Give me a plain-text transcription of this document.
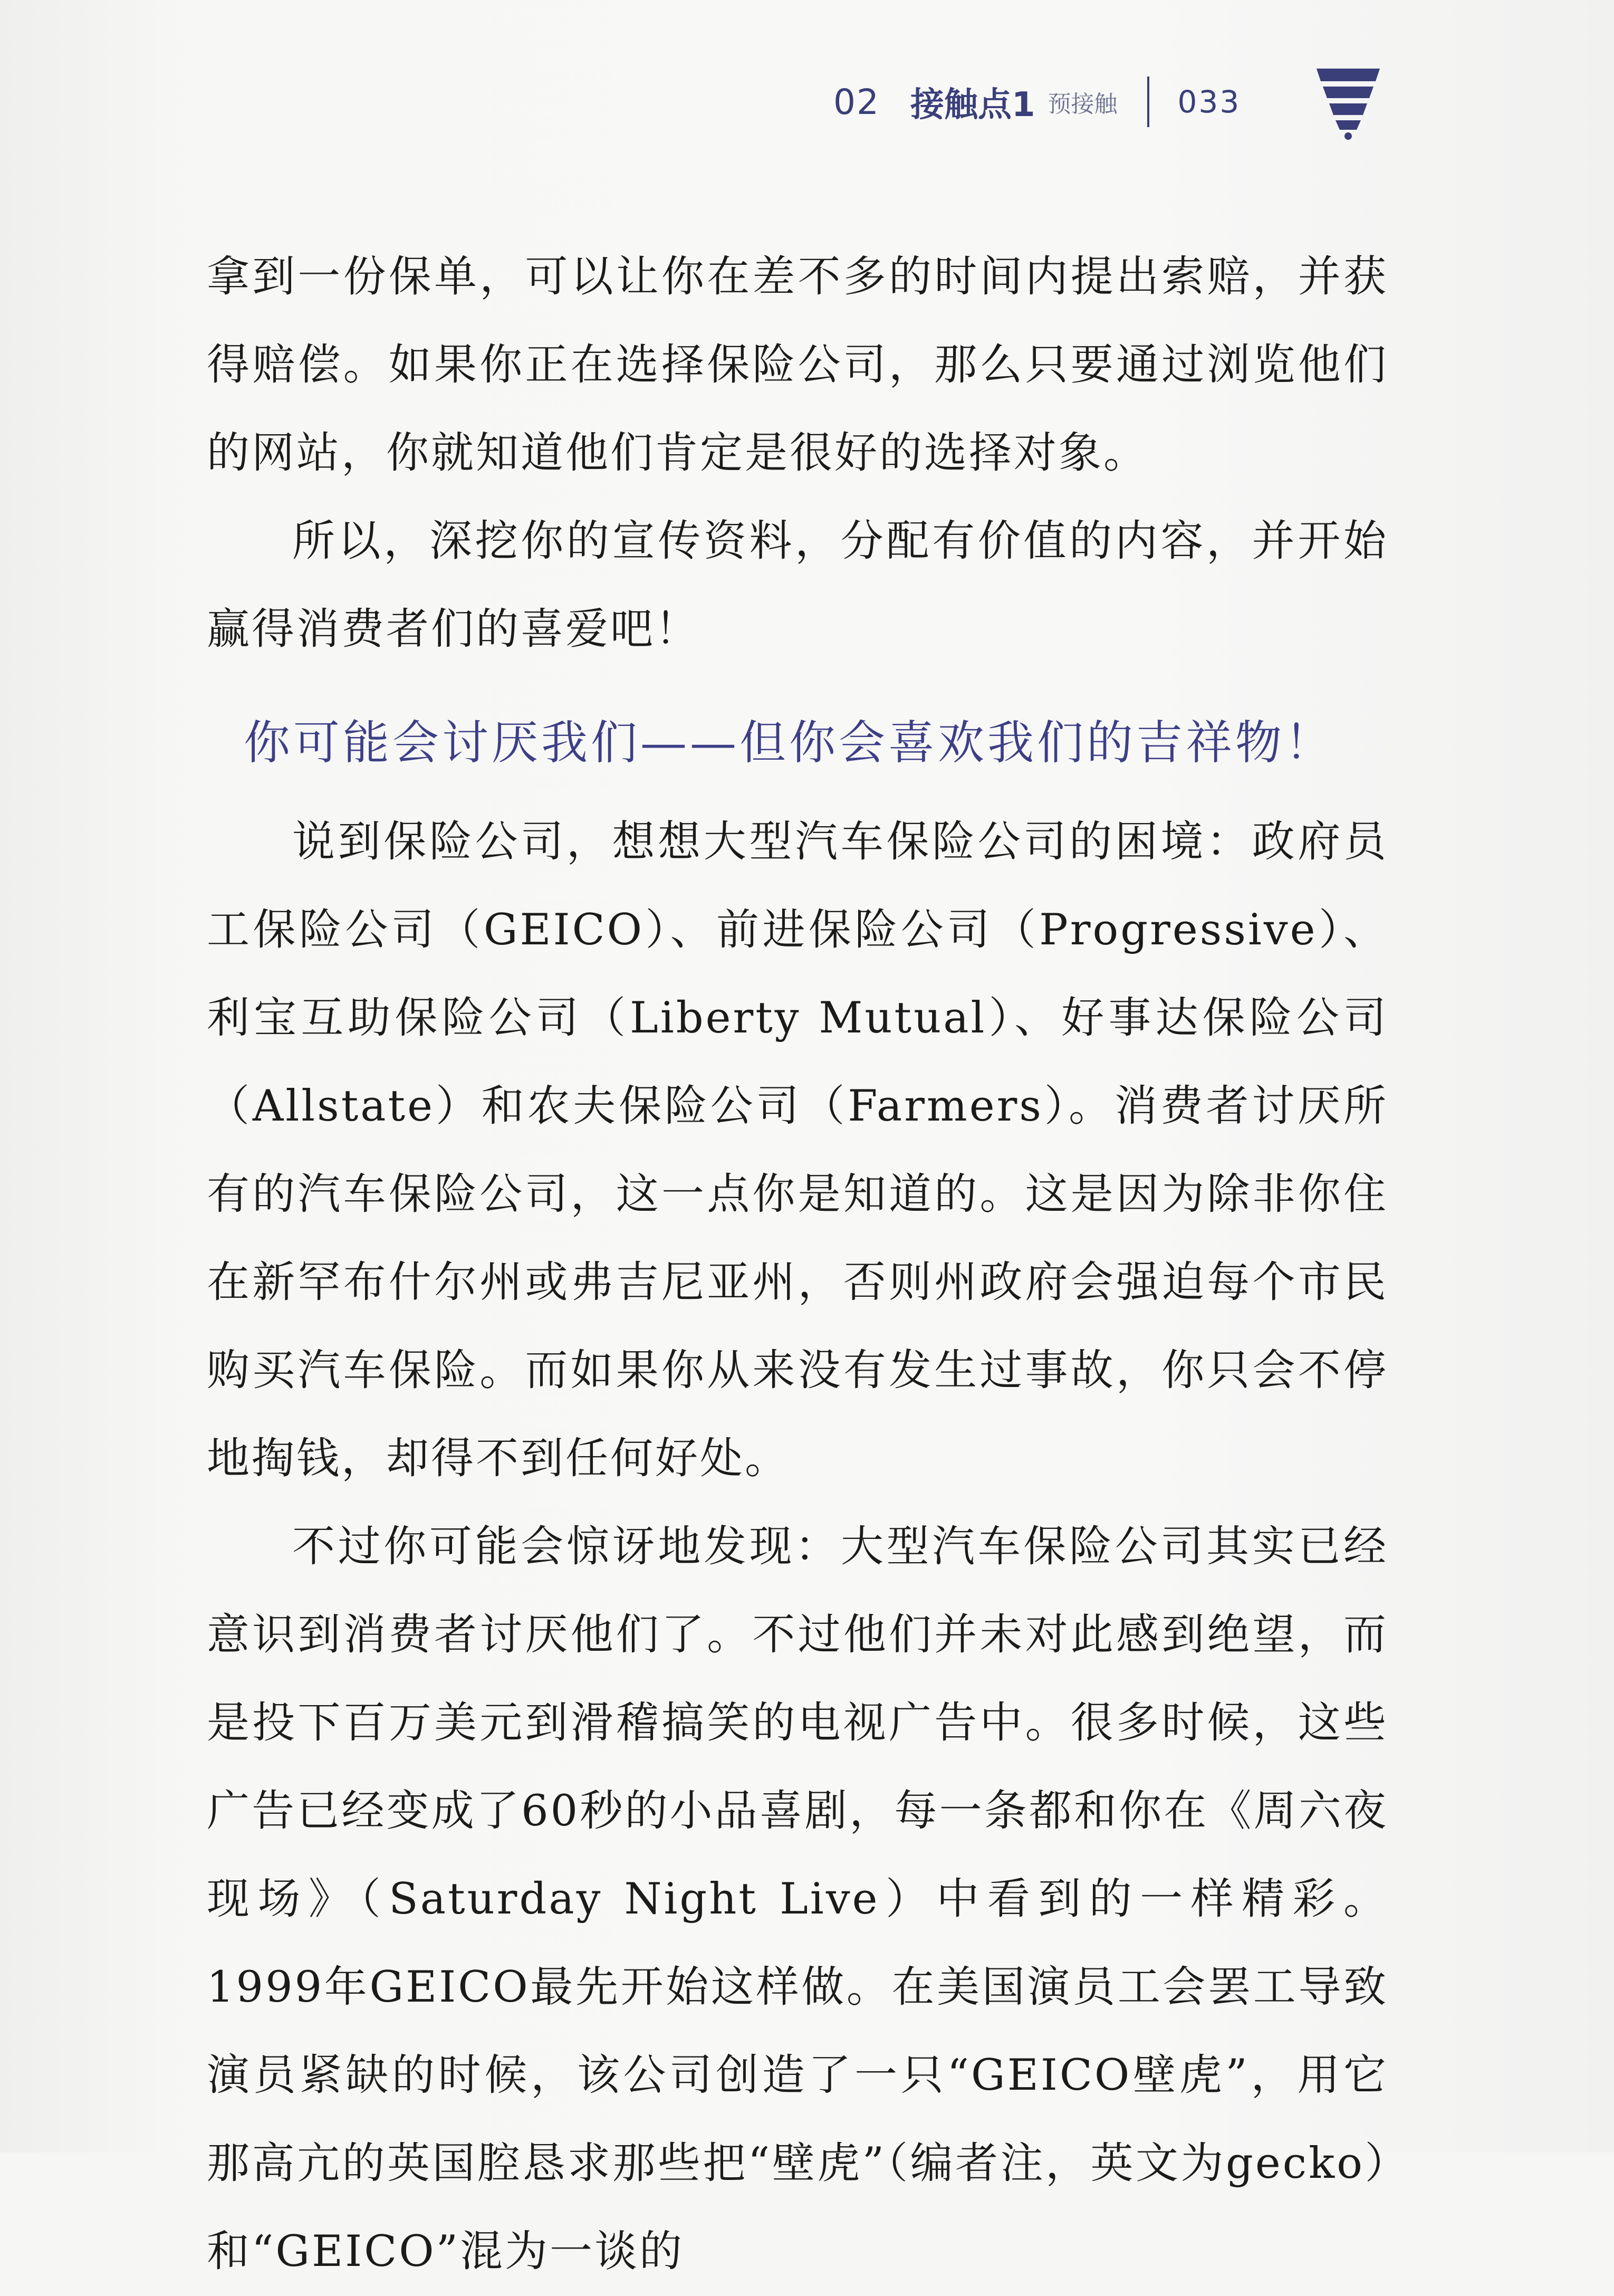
02 接触点1 预接触 033

拿到一份保单，可以让你在差不多的时间内提出索赔，并获得赔偿。如果你正在选择保险公司，那么只要通过浏览他们的网站，你就知道他们肯定是很好的选择对象。

所以，深挖你的宣传资料，分配有价值的内容，并开始赢得消费者们的喜爱吧！

你可能会讨厌我们——但你会喜欢我们的吉祥物！

说到保险公司，想想大型汽车保险公司的困境：政府员工保险公司（GEICO）、前进保险公司（Progressive）、利宝互助保险公司（Liberty Mutual）、好事达保险公司（Allstate）和农夫保险公司（Farmers）。消费者讨厌所有的汽车保险公司，这一点你是知道的。这是因为除非你住在新罕布什尔州或弗吉尼亚州，否则州政府会强迫每个市民购买汽车保险。而如果你从来没有发生过事故，你只会不停地掏钱，却得不到任何好处。

不过你可能会惊讶地发现：大型汽车保险公司其实已经意识到消费者讨厌他们了。不过他们并未对此感到绝望，而是投下百万美元到滑稽搞笑的电视广告中。很多时候，这些广告已经变成了60秒的小品喜剧，每一条都和你在《周六夜现场》（Saturday Night Live）中看到的一样精彩。1999年GEICO最先开始这样做。在美国演员工会罢工导致演员紧缺的时候，该公司创造了一只“GEICO壁虎”，用它那高亢的英国腔恳求那些把“壁虎”（编者注，英文为gecko）和“GEICO”混为一谈的
